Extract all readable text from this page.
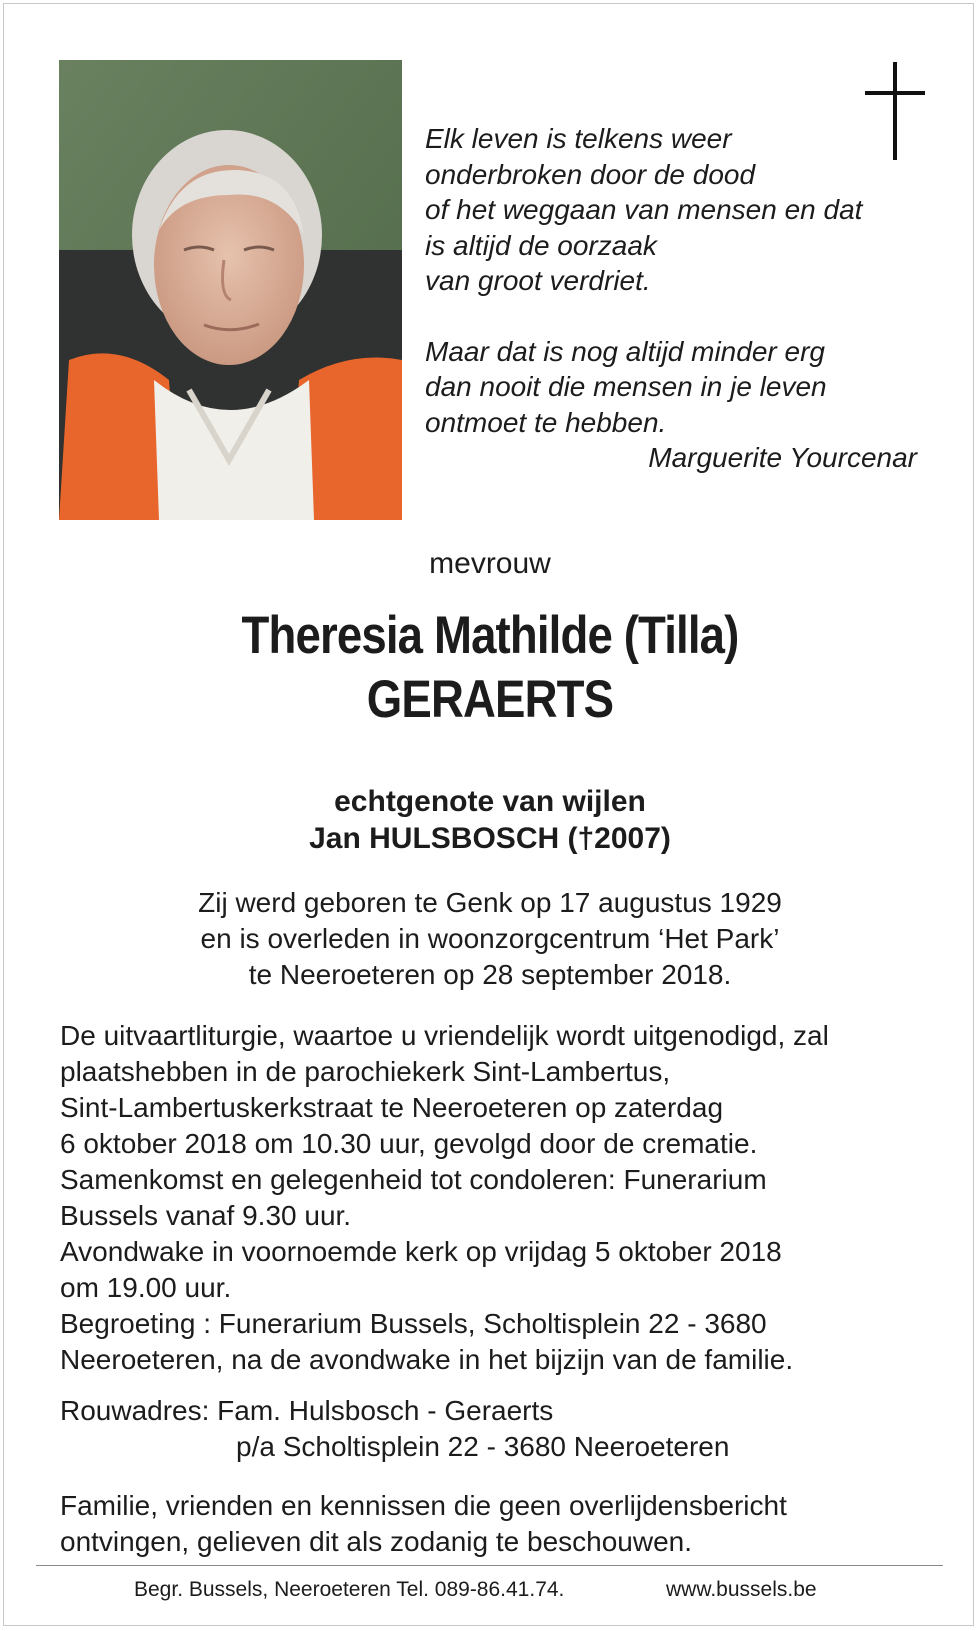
Elk leven is telkens weer
onderbroken door de dood
of het weggaan van mensen en dat
is altijd de oorzaak
van groot verdriet.
Maar dat is nog altijd minder erg
dan nooit die mensen in je leven
ontmoet te hebben.
Marguerite Yourcenar
mevrouw
Theresia Mathilde (Tilla)
GERAERTS
echtgenote van wijlen
Jan HULSBOSCH (†2007)
Zij werd geboren te Genk op 17 augustus 1929
en is overleden in woonzorgcentrum ‘Het Park’
te Neeroeteren op 28 september 2018.
De uitvaartliturgie, waartoe u vriendelijk wordt uitgenodigd, zal
plaatshebben in de parochiekerk Sint-Lambertus,
Sint-Lambertuskerkstraat te Neeroeteren op zaterdag
6 oktober 2018 om 10.30 uur, gevolgd door de crematie.
Samenkomst en gelegenheid tot condoleren: Funerarium
Bussels vanaf 9.30 uur.
Avondwake in voornoemde kerk op vrijdag 5 oktober 2018
om 19.00 uur.
Begroeting : Funerarium Bussels, Scholtisplein 22 - 3680
Neeroeteren, na de avondwake in het bijzijn van de familie.
Rouwadres: Fam. Hulsbosch - Geraerts
p/a Scholtisplein 22 - 3680 Neeroeteren
Familie, vrienden en kennissen die geen overlijdensbericht
ontvingen, gelieven dit als zodanig te beschouwen.
Begr. Bussels, Neeroeteren Tel. 089-86.41.74.	www.bussels.be
